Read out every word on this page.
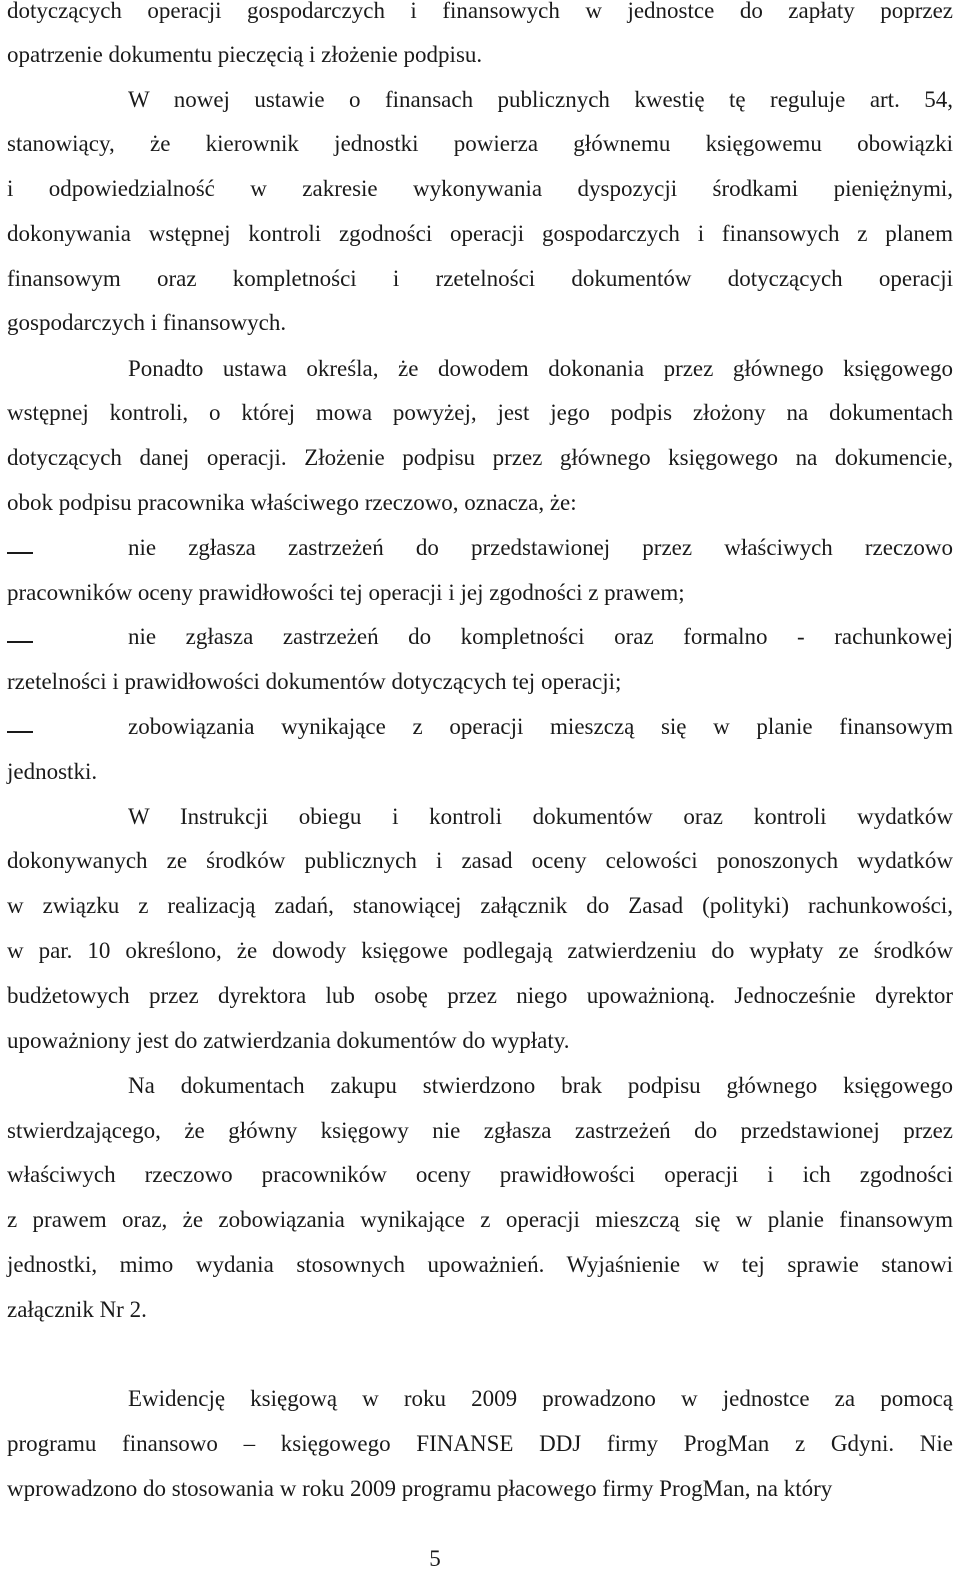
dotyczących operacji gospodarczych i finansowych w jednostce do zapłaty poprzez
opatrzenie dokumentu pieczęcią i złożenie podpisu.
W nowej ustawie o finansach publicznych kwestię tę reguluje art. 54,
stanowiący, że kierownik jednostki powierza głównemu księgowemu obowiązki
i odpowiedzialność w zakresie wykonywania dyspozycji środkami pieniężnymi,
dokonywania wstępnej kontroli zgodności operacji gospodarczych i finansowych z planem
finansowym oraz kompletności i rzetelności dokumentów dotyczących operacji
gospodarczych i finansowych.
Ponadto ustawa określa, że dowodem dokonania przez głównego księgowego
wstępnej kontroli, o której mowa powyżej, jest jego podpis złożony na dokumentach
dotyczących danej operacji. Złożenie podpisu przez głównego księgowego na dokumencie,
obok podpisu pracownika właściwego rzeczowo, oznacza, że:
nie zgłasza zastrzeżeń do przedstawionej przez właściwych rzeczowo
pracowników oceny prawidłowości tej operacji i jej zgodności z prawem;
nie zgłasza zastrzeżeń do kompletności oraz formalno - rachunkowej
rzetelności i prawidłowości dokumentów dotyczących tej operacji;
zobowiązania wynikające z operacji mieszczą się w planie finansowym
jednostki.
W Instrukcji obiegu i kontroli dokumentów oraz kontroli wydatków
dokonywanych ze środków publicznych i zasad oceny celowości ponoszonych wydatków
w związku z realizacją zadań, stanowiącej załącznik do Zasad (polityki) rachunkowości,
w par. 10 określono, że dowody księgowe podlegają zatwierdzeniu do wypłaty ze środków
budżetowych przez dyrektora lub osobę przez niego upoważnioną. Jednocześnie dyrektor
upoważniony jest do zatwierdzania dokumentów do wypłaty.
Na dokumentach zakupu stwierdzono brak podpisu głównego księgowego
stwierdzającego, że główny księgowy nie zgłasza zastrzeżeń do przedstawionej przez
właściwych rzeczowo pracowników oceny prawidłowości operacji i ich zgodności
z prawem oraz, że zobowiązania wynikające z operacji mieszczą się w planie finansowym
jednostki, mimo wydania stosownych upoważnień. Wyjaśnienie w tej sprawie stanowi
załącznik Nr 2.
Ewidencję księgową w roku 2009 prowadzono w jednostce za pomocą
programu finansowo – księgowego FINANSE DDJ firmy ProgMan z Gdyni. Nie
wprowadzono do stosowania w roku 2009 programu płacowego firmy ProgMan, na który
5
